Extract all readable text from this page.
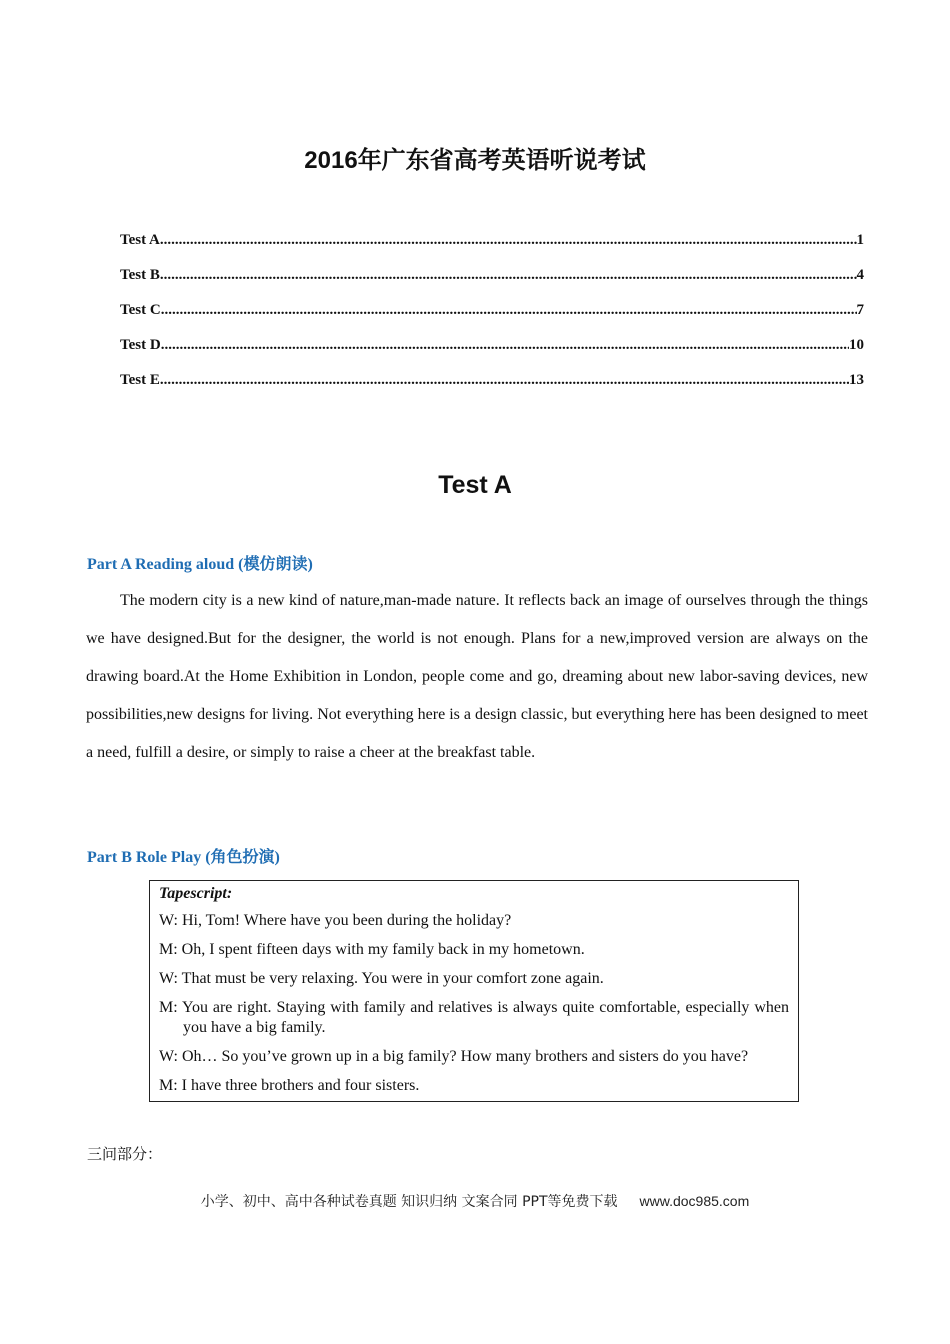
2016年广东省高考英语听说考试
Test A .....	1
Test B .....	4
Test C .....	7
Test D .....	10
Test E .....	13
Test A
Part A Reading aloud (模仿朗读)

The modern city is a new kind of nature,man-made nature. It reflects back an image of ourselves through the things we have designed.But for the designer, the world is not enough. Plans for a new,improved version are always on the drawing board.At the Home Exhibition in London, people come and go, dreaming about new labor-saving devices, new possibilities,new designs for living. Not everything here is a design classic, but everything here has been designed to meet a need, fulfill a desire, or simply to raise a cheer at the breakfast table.

Part B Role Play (角色扮演)
Tapescript:
W: Hi, Tom! Where have you been during the holiday?
M: Oh, I spent fifteen days with my family back in my hometown.
W: That must be very relaxing. You were in your comfort zone again.
M: You are right. Staying with family and relatives is always quite comfortable, especially when you have a big family.
W: Oh… So you’ve grown up in a big family? How many brothers and sisters do you have?
M: I have three brothers and four sisters.

三问部分：

小学、初中、高中各种试卷真题 知识归纳 文案合同 PPT等免费下载 www.doc985.com
